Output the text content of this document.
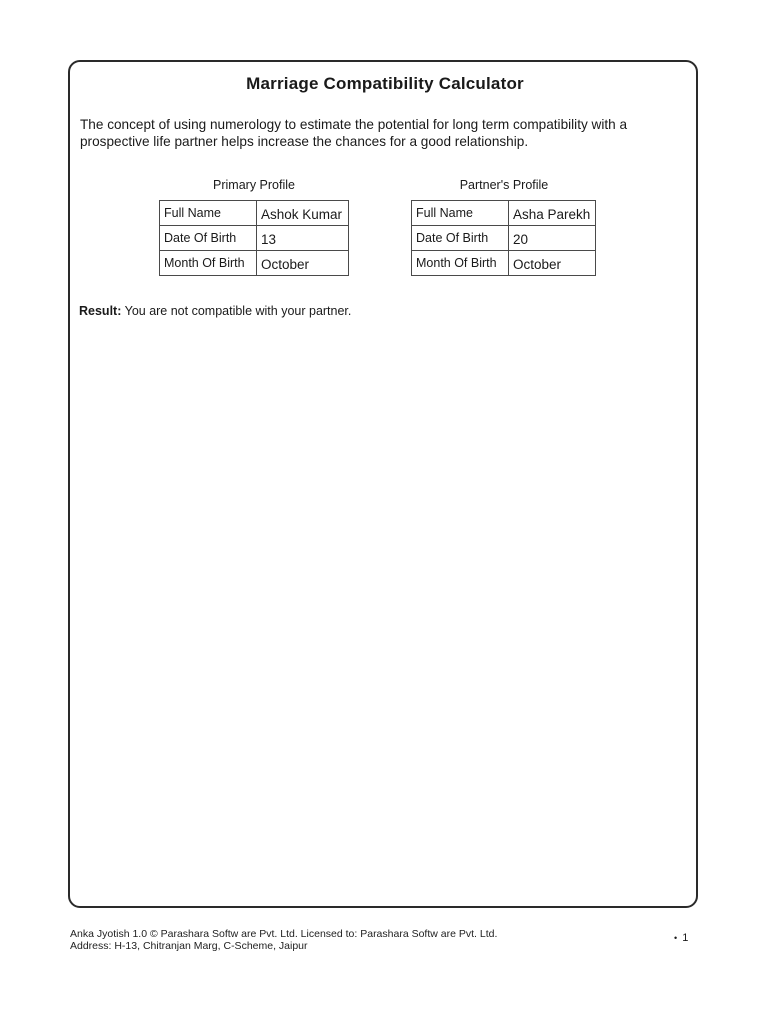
Marriage Compatibility Calculator
The concept of using numerology to estimate the potential for long term compatibility with a prospective life partner helps increase the chances for a good relationship.
Primary Profile
Full Name	Ashok Kumar
Date Of Birth	13
Month Of Birth	October
Partner's Profile
Full Name	Asha Parekh
Date Of Birth	20
Month Of Birth	October
Result: You are not compatible with your partner.
Anka Jyotish 1.0 © Parashara Softw are Pvt. Ltd. Licensed to: Parashara Softw are Pvt. Ltd.
Address: H-13, Chitranjan Marg, C-Scheme, Jaipur
• 1
